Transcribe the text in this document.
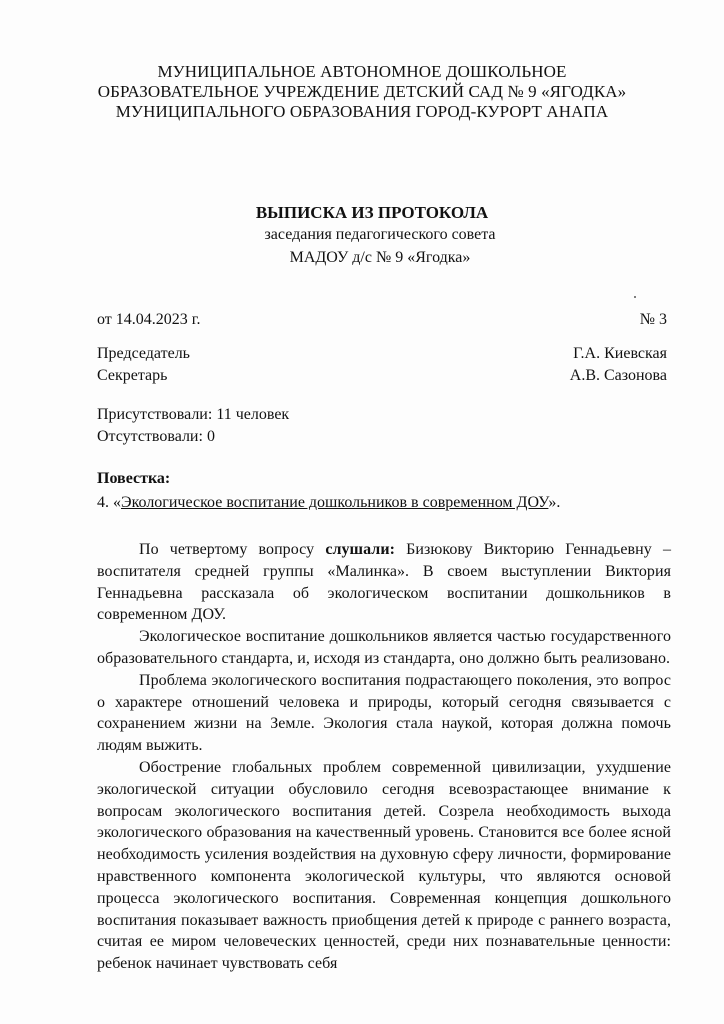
МУНИЦИПАЛЬНОЕ АВТОНОМНОЕ ДОШКОЛЬНОЕ
ОБРАЗОВАТЕЛЬНОЕ УЧРЕЖДЕНИЕ ДЕТСКИЙ САД № 9 «ЯГОДКА»
МУНИЦИПАЛЬНОГО ОБРАЗОВАНИЯ ГОРОД-КУРОРТ АНАПА
ВЫПИСКА ИЗ ПРОТОКОЛА
заседания педагогического совета
МАДОУ д/с № 9 «Ягодка»
от 14.04.2023 г.	№ 3
Председатель	Г.А. Киевская
Секретарь	А.В. Сазонова
Присутствовали: 11 человек
Отсутствовали: 0
Повестка:
4. «Экологическое воспитание дошкольников в современном ДОУ».

По четвертому вопросу слушали: Бизюкову Викторию Геннадьевну – воспитателя средней группы «Малинка». В своем выступлении Виктория Геннадьевна рассказала об экологическом воспитании дошкольников в современном ДОУ.

Экологическое воспитание дошкольников является частью государственного образовательного стандарта, и, исходя из стандарта, оно должно быть реализовано.

Проблема экологического воспитания подрастающего поколения, это вопрос о характере отношений человека и природы, который сегодня связывается с сохранением жизни на Земле. Экология стала наукой, которая должна помочь людям выжить.

Обострение глобальных проблем современной цивилизации, ухудшение экологической ситуации обусловило сегодня всевозрастающее внимание к вопросам экологического воспитания детей. Созрела необходимость выхода экологического образования на качественный уровень. Становится все более ясной необходимость усиления воздействия на духовную сферу личности, формирование нравственного компонента экологической культуры, что являются основой процесса экологического воспитания. Современная концепция дошкольного воспитания показывает важность приобщения детей к природе с раннего возраста, считая ее миром человеческих ценностей, среди них познавательные ценности: ребенок начинает чувствовать себя
